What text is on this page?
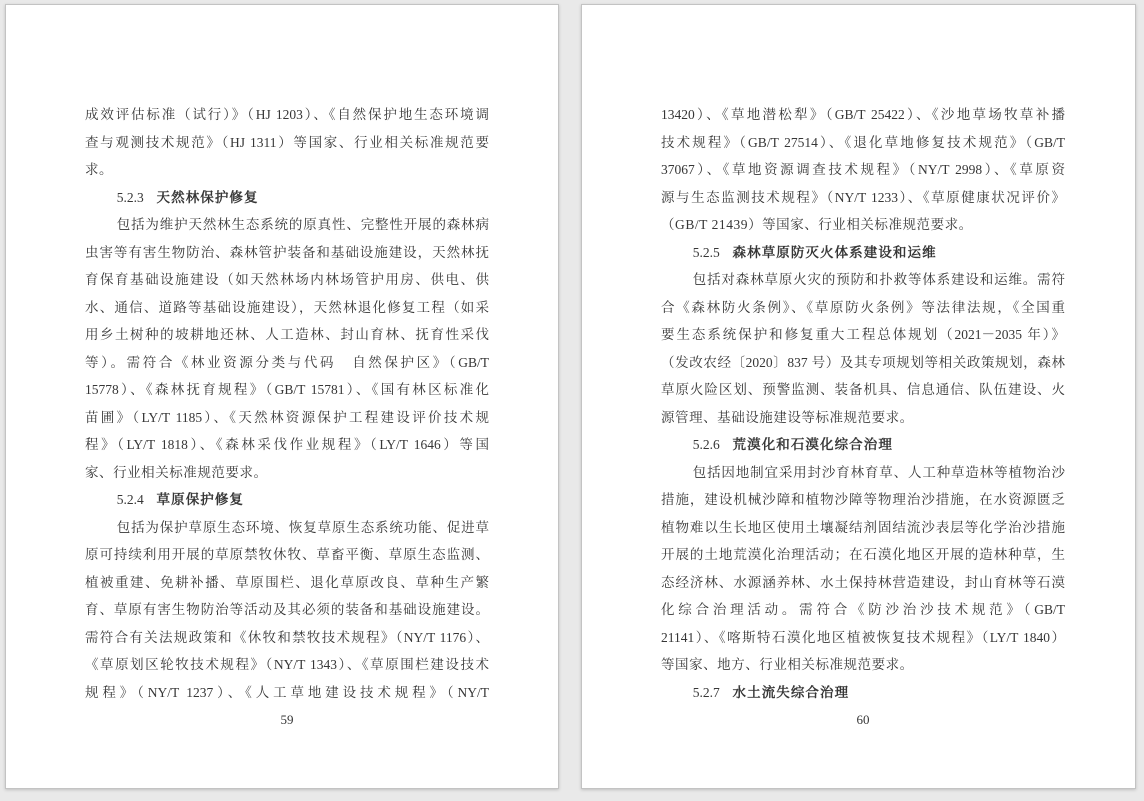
成效评估标准（试行）》（HJ 1203）、《自然保护地生态环境调
查与观测技术规范》（HJ 1311）等国家、行业相关标准规范要
求。
5.2.3 天然林保护修复
包括为维护天然林生态系统的原真性、完整性开展的森林病
虫害等有害生物防治、森林管护装备和基础设施建设，天然林抚
育保育基础设施建设（如天然林场内林场管护用房、供电、供
水、通信、道路等基础设施建设），天然林退化修复工程（如采
用乡土树种的坡耕地还林、人工造林、封山育林、抚育性采伐
等）。需符合《林业资源分类与代码　自然保护区》（GB/T
15778）、《森林抚育规程》（GB/T 15781）、《国有林区标准化
苗圃》（LY/T 1185）、《天然林资源保护工程建设评价技术规
程》（LY/T 1818）、《森林采伐作业规程》（LY/T 1646）等国
家、行业相关标准规范要求。
5.2.4 草原保护修复
包括为保护草原生态环境、恢复草原生态系统功能、促进草
原可持续利用开展的草原禁牧休牧、草畜平衡、草原生态监测、
植被重建、免耕补播、草原围栏、退化草原改良、草种生产繁
育、草原有害生物防治等活动及其必须的装备和基础设施建设。
需符合有关法规政策和《休牧和禁牧技术规程》（NY/T 1176）、
《草原划区轮牧技术规程》（NY/T 1343）、《草原围栏建设技术
规程》（NY/T 1237）、《人工草地建设技术规程》（NY/T
59
13420）、《草地潜松犁》（GB/T 25422）、《沙地草场牧草补播
技术规程》（GB/T 27514）、《退化草地修复技术规范》（GB/T
37067）、《草地资源调查技术规程》（NY/T 2998）、《草原资
源与生态监测技术规程》（NY/T 1233）、《草原健康状况评价》
（GB/T 21439）等国家、行业相关标准规范要求。
5.2.5 森林草原防灭火体系建设和运维
包括对森林草原火灾的预防和扑救等体系建设和运维。需符
合《森林防火条例》、《草原防火条例》等法律法规，《全国重
要生态系统保护和修复重大工程总体规划（2021－2035 年）》
（发改农经〔2020〕837 号）及其专项规划等相关政策规划，森林
草原火险区划、预警监测、装备机具、信息通信、队伍建设、火
源管理、基础设施建设等标准规范要求。
5.2.6 荒漠化和石漠化综合治理
包括因地制宜采用封沙育林育草、人工种草造林等植物治沙
措施，建设机械沙障和植物沙障等物理治沙措施，在水资源匮乏
植物难以生长地区使用土壤凝结剂固结流沙表层等化学治沙措施
开展的土地荒漠化治理活动；在石漠化地区开展的造林种草，生
态经济林、水源涵养林、水土保持林营造建设，封山育林等石漠
化综合治理活动。需符合《防沙治沙技术规范》（GB/T
21141）、《喀斯特石漠化地区植被恢复技术规程》（LY/T 1840）
等国家、地方、行业相关标准规范要求。
5.2.7 水土流失综合治理
60
